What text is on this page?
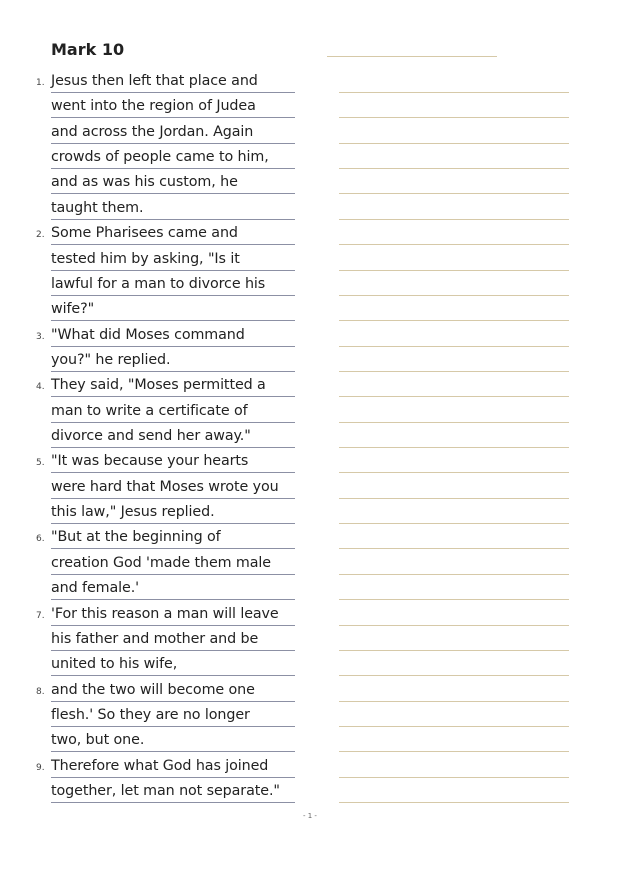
Mark 10
1. Jesus then left that place and
went into the region of Judea
and across the Jordan. Again
crowds of people came to him,
and as was his custom, he
taught them.
2. Some Pharisees came and
tested him by asking, "Is it
lawful for a man to divorce his
wife?"
3. "What did Moses command
you?" he replied.
4. They said, "Moses permitted a
man to write a certificate of
divorce and send her away."
5. "It was because your hearts
were hard that Moses wrote you
this law," Jesus replied.
6. "But at the beginning of
creation God 'made them male
and female.'
7. 'For this reason a man will leave
his father and mother and be
united to his wife,
8. and the two will become one
flesh.' So they are no longer
two, but one.
9. Therefore what God has joined
together, let man not separate."
- 1 -
